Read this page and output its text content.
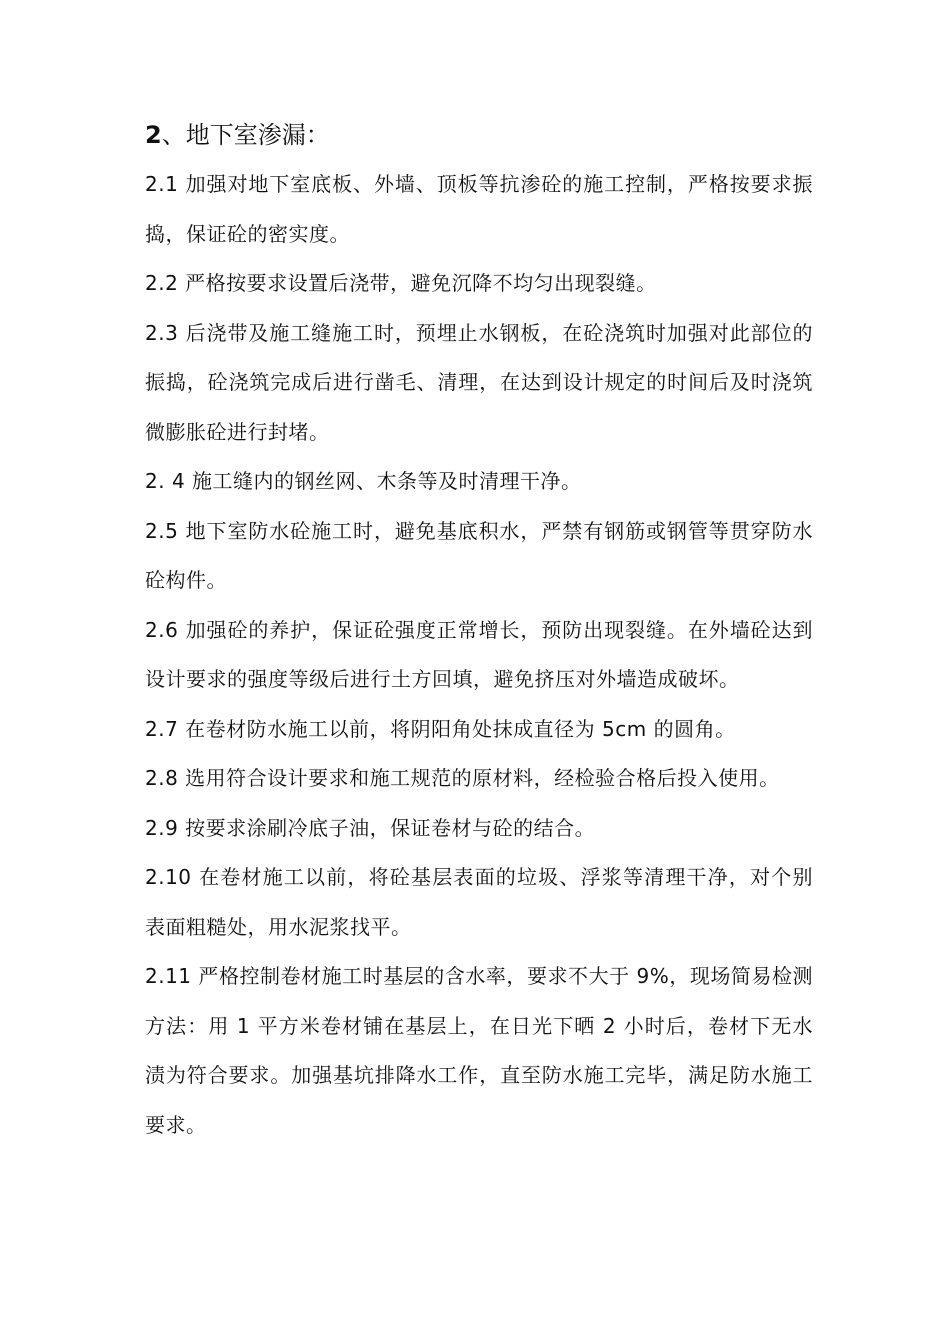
2、地下室渗漏：

2.1 加强对地下室底板、外墙、顶板等抗渗砼的施工控制，严格按要求振捣，保证砼的密实度。

2.2 严格按要求设置后浇带，避免沉降不均匀出现裂缝。

2.3 后浇带及施工缝施工时，预埋止水钢板，在砼浇筑时加强对此部位的振捣，砼浇筑完成后进行凿毛、清理，在达到设计规定的时间后及时浇筑微膨胀砼进行封堵。

2. 4 施工缝内的钢丝网、木条等及时清理干净。

2.5 地下室防水砼施工时，避免基底积水，严禁有钢筋或钢管等贯穿防水砼构件。

2.6 加强砼的养护，保证砼强度正常增长，预防出现裂缝。在外墙砼达到设计要求的强度等级后进行土方回填，避免挤压对外墙造成破坏。

2.7 在卷材防水施工以前，将阴阳角处抹成直径为 5cm 的圆角。

2.8 选用符合设计要求和施工规范的原材料，经检验合格后投入使用。

2.9 按要求涂刷冷底子油，保证卷材与砼的结合。

2.10 在卷材施工以前，将砼基层表面的垃圾、浮浆等清理干净，对个别表面粗糙处，用水泥浆找平。

2.11 严格控制卷材施工时基层的含水率，要求不大于 9%，现场简易检测方法：用 1 平方米卷材铺在基层上，在日光下晒 2 小时后，卷材下无水渍为符合要求。加强基坑排降水工作，直至防水施工完毕，满足防水施工要求。
